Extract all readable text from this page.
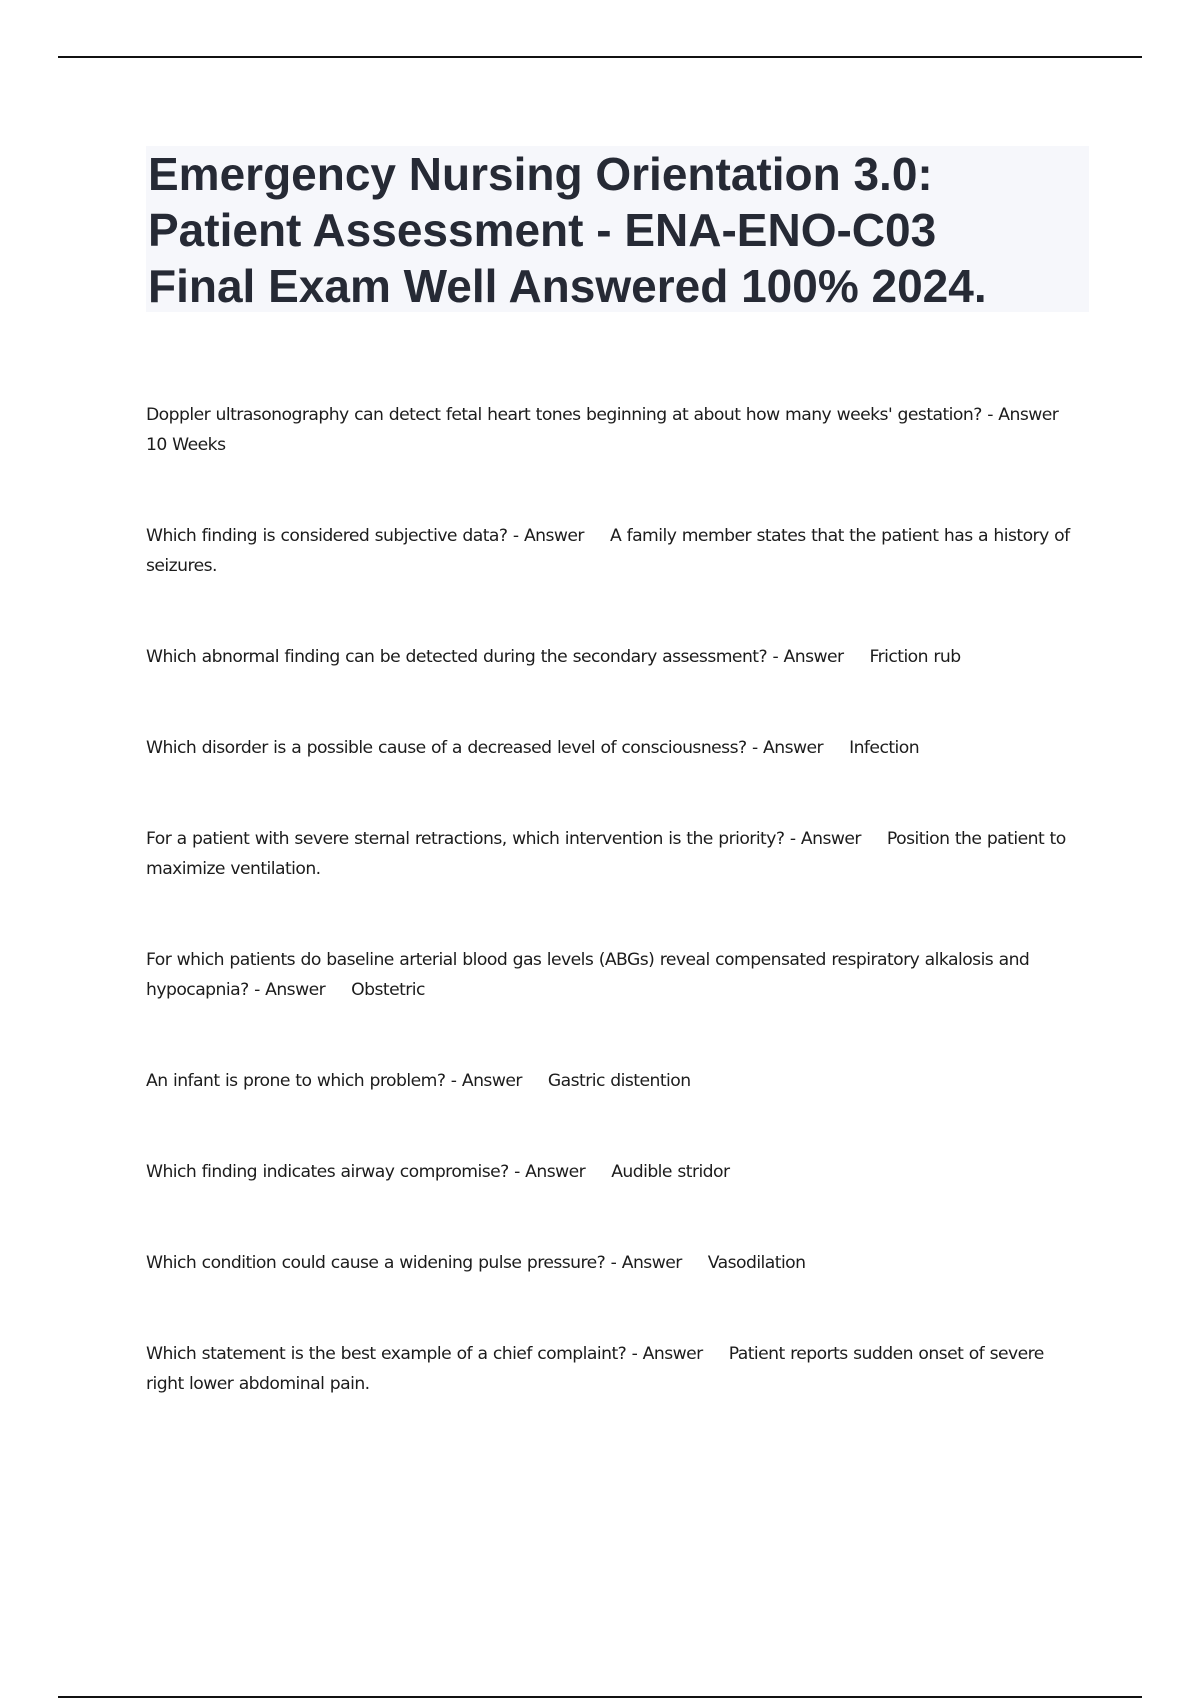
Emergency Nursing Orientation 3.0:
Patient Assessment - ENA-ENO-C03
Final Exam Well Answered 100% 2024.
Doppler ultrasonography can detect fetal heart tones beginning at about how many weeks' gestation? - Answer10 Weeks
Which finding is considered subjective data? - Answer A family member states that the patient has a history of seizures.
Which abnormal finding can be detected during the secondary assessment? - Answer Friction rub
Which disorder is a possible cause of a decreased level of consciousness? - Answer Infection
For a patient with severe sternal retractions, which intervention is the priority? - Answer Position the patient to maximize ventilation.
For which patients do baseline arterial blood gas levels (ABGs) reveal compensated respiratory alkalosis and hypocapnia? - Answer Obstetric
An infant is prone to which problem? - Answer Gastric distention
Which finding indicates airway compromise? - Answer Audible stridor
Which condition could cause a widening pulse pressure? - Answer Vasodilation
Which statement is the best example of a chief complaint? - Answer Patient reports sudden onset of severe right lower abdominal pain.
